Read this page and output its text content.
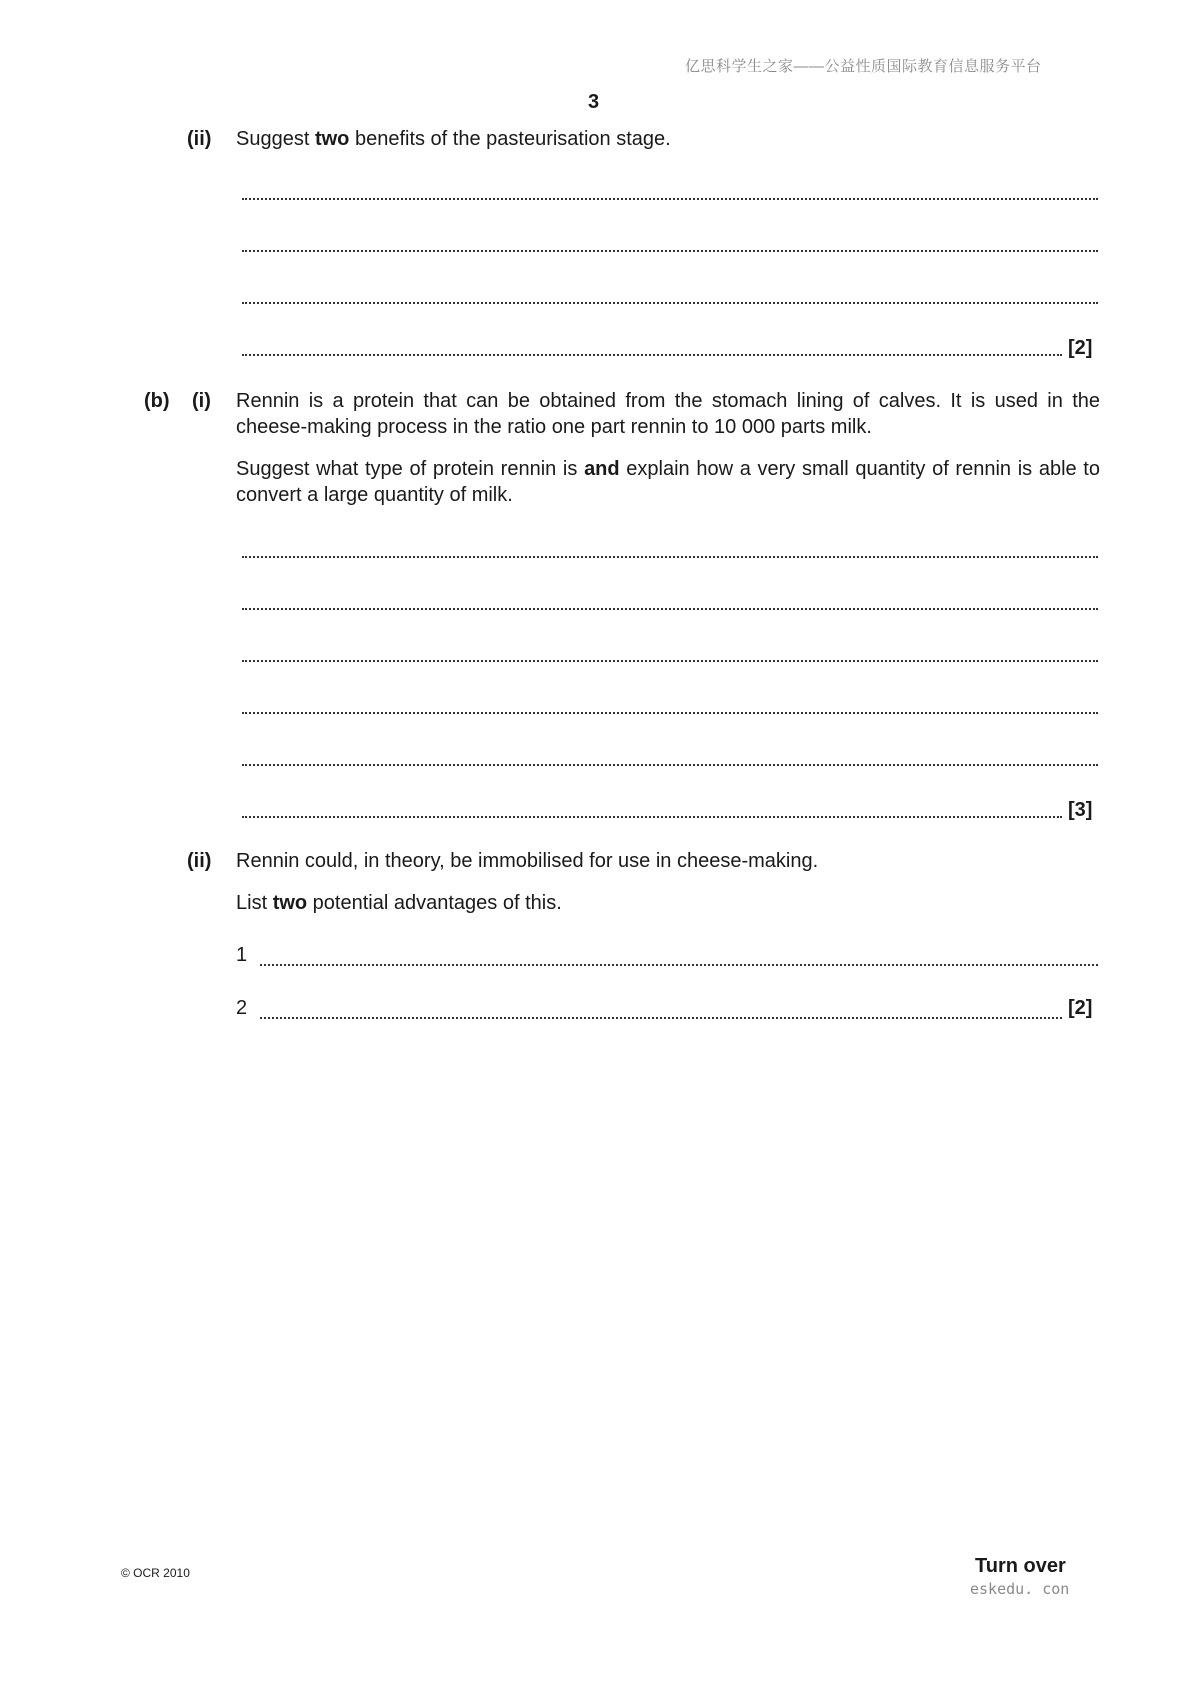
亿思科学生之家——公益性质国际教育信息服务平台
3
(ii) Suggest two benefits of the pasteurisation stage.
[2]
(b) (i) Rennin is a protein that can be obtained from the stomach lining of calves. It is used in the cheese-making process in the ratio one part rennin to 10 000 parts milk.
Suggest what type of protein rennin is and explain how a very small quantity of rennin is able to convert a large quantity of milk.
[3]
(ii) Rennin could, in theory, be immobilised for use in cheese-making.
List two potential advantages of this.
1
2	[2]
© OCR 2010	Turn over
eskedu. con
